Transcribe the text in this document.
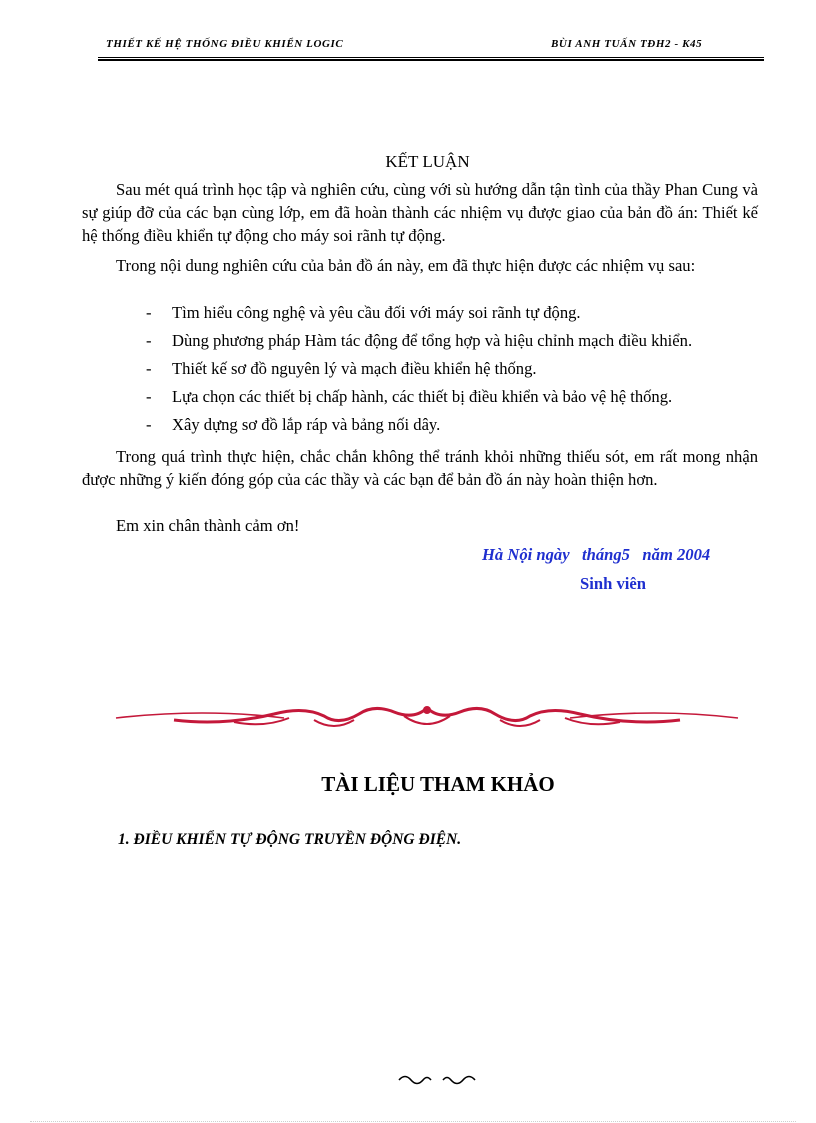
THIẾT KẾ HỆ THỐNG ĐIỀU KHIỂN LOGIC	BÙI ANH TUẤN TĐH2 - K45
KẾT LUẬN
Sau mét quá trình học tập và nghiên cứu, cùng với sù hướng dẫn tận tình của thầy Phan Cung và sự giúp đỡ của các bạn cùng lớp, em đã hoàn thành các nhiệm vụ được giao của bản đồ án: Thiết kế hệ thống điều khiển tự động cho máy soi rãnh tự động.
Trong nội dung nghiên cứu của bản đồ án này, em đã thực hiện được các nhiệm vụ sau:
- Tìm hiểu công nghệ và yêu cầu đối với máy soi rãnh tự động.
- Dùng phương pháp Hàm tác động để tổng hợp và hiệu chỉnh mạch điều khiển.
- Thiết kế sơ đồ nguyên lý và mạch điều khiển hệ thống.
- Lựa chọn các thiết bị chấp hành, các thiết bị điều khiển và bảo vệ hệ thống.
- Xây dựng sơ đồ lắp ráp và bảng nối dây.
Trong quá trình thực hiện, chắc chắn không thể tránh khỏi những thiếu sót, em rất mong nhận được những ý kiến đóng góp của các thầy và các bạn để bản đồ án này hoàn thiện hơn.
Em xin chân thành cảm ơn!
Hà Nội ngày   tháng5   năm 2004
Sinh viên
TÀI LIỆU THAM KHẢO
1. ĐIỀU KHIỂN TỰ ĐỘNG TRUYỀN ĐỘNG ĐIỆN.
